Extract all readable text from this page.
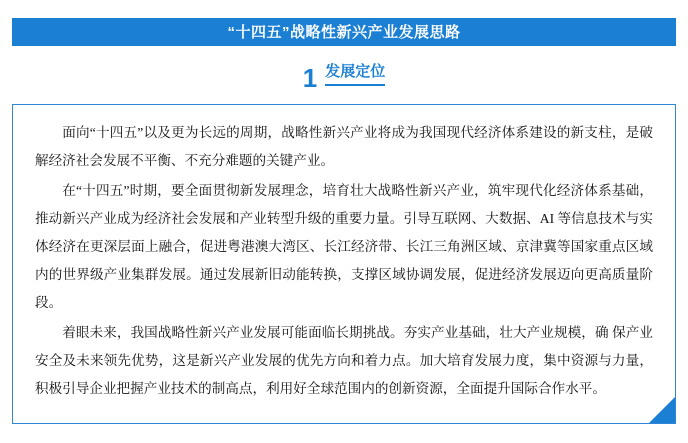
“十四五”战略性新兴产业发展思路
1 发展定位

面向“十四五”以及更为长远的周期，战略性新兴产业将成为我国现代经济体系建设的新支柱，是破解经济社会发展不平衡、不充分难题的关键产业。

在“十四五”时期，要全面贯彻新发展理念，培育壮大战略性新兴产业，筑牢现代化经济体系基础，推动新兴产业成为经济社会发展和产业转型升级的重要力量。引导互联网、大数据、AI 等信息技术与实体经济在更深层面上融合，促进粤港澳大湾区、长江经济带、长江三角洲区域、京津冀等国家重点区域内的世界级产业集群发展。通过发展新旧动能转换，支撑区域协调发展，促进经济发展迈向更高质量阶段。

着眼未来，我国战略性新兴产业发展可能面临长期挑战。夯实产业基础，壮大产业规模，确 保产业安全及未来领先优势，这是新兴产业发展的优先方向和着力点。加大培育发展力度，集中资源与力量，积极引导企业把握产业技术的制高点，利用好全球范围内的创新资源，全面提升国际合作水平。
